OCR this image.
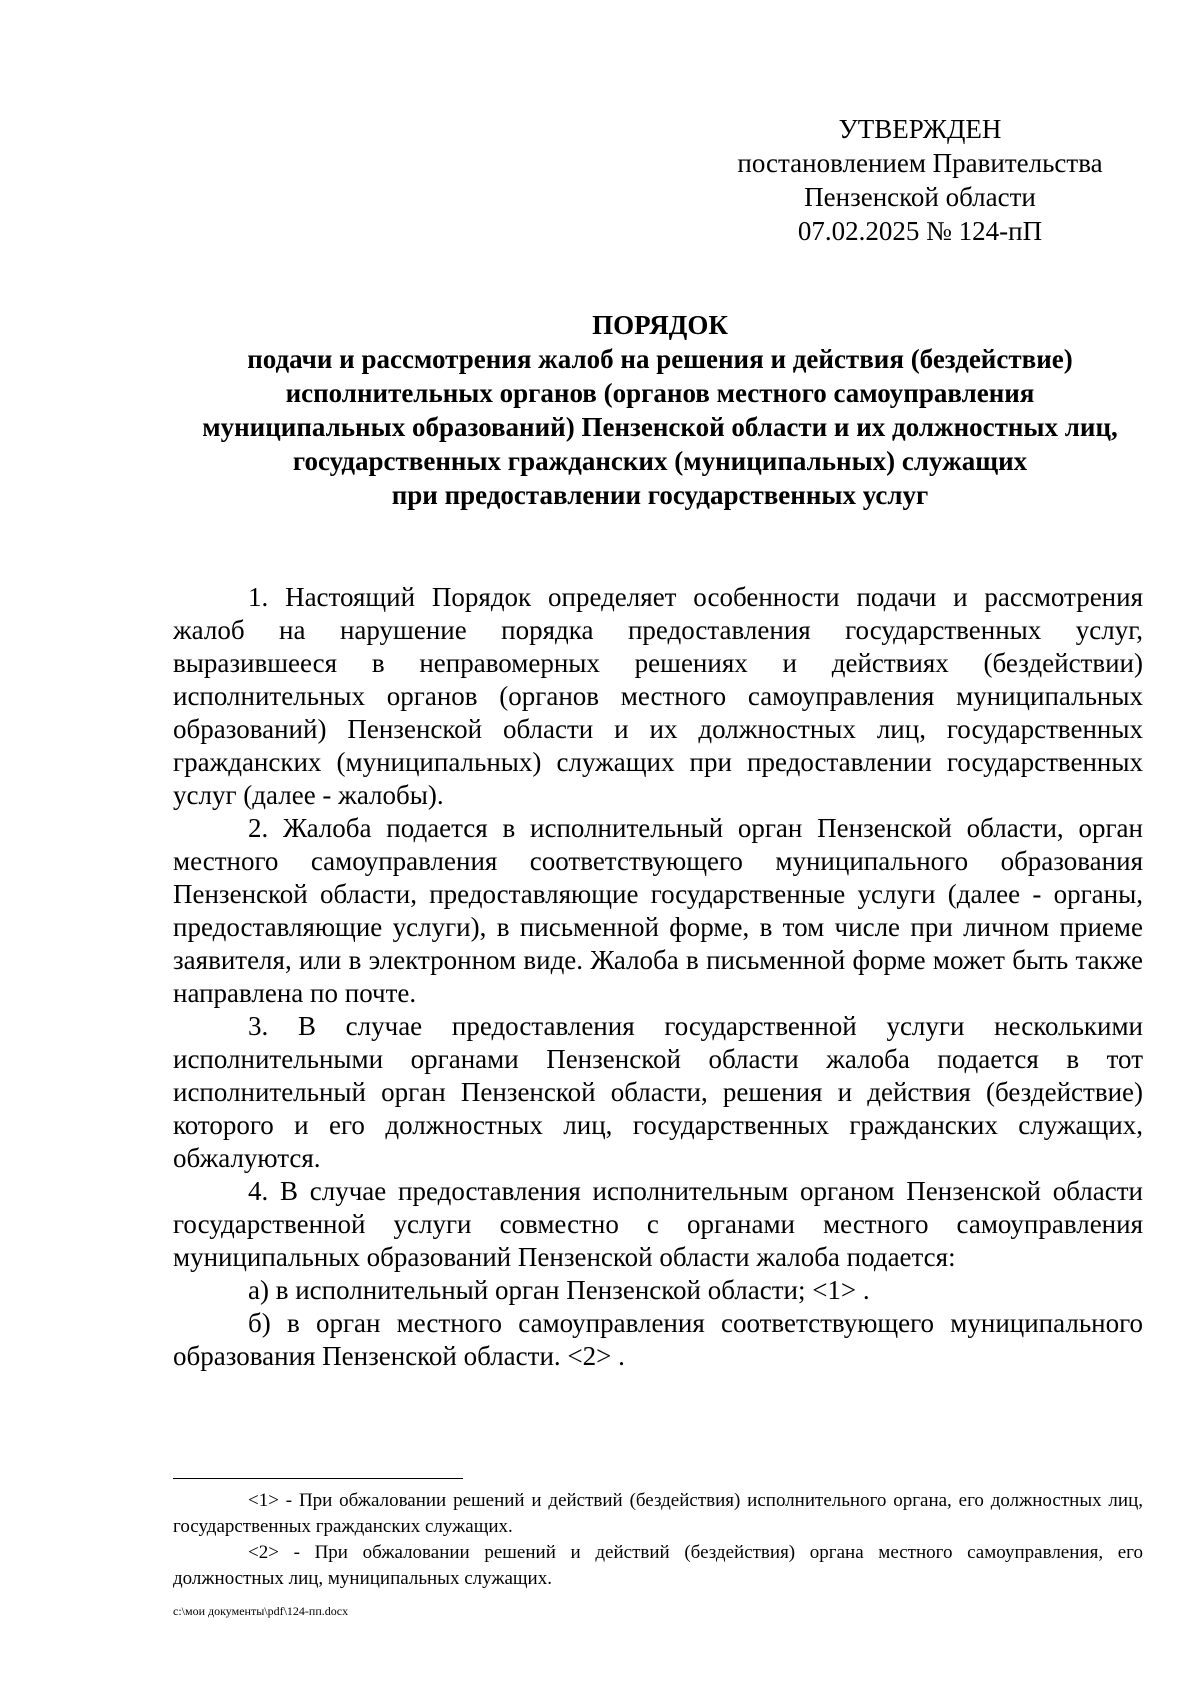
УТВЕРЖДЕН
постановлением Правительства
Пензенской области
07.02.2025 № 124-пП
ПОРЯДОК
подачи и рассмотрения жалоб на решения и действия (бездействие)
исполнительных органов (органов местного самоуправления
муниципальных образований) Пензенской области и их должностных лиц,
государственных гражданских (муниципальных) служащих
при предоставлении государственных услуг

1. Настоящий Порядок определяет особенности подачи и рассмотрения жалоб на нарушение порядка предоставления государственных услуг, выразившееся в неправомерных решениях и действиях (бездействии) исполнительных органов (органов местного самоуправления муниципальных образований) Пензенской области и их должностных лиц, государственных гражданских (муниципальных) служащих при предоставлении государственных услуг (далее - жалобы).

2. Жалоба подается в исполнительный орган Пензенской области, орган местного самоуправления соответствующего муниципального образования Пензенской области, предоставляющие государственные услуги (далее - органы, предоставляющие услуги), в письменной форме, в том числе при личном приеме заявителя, или в электронном виде. Жалоба в письменной форме может быть также направлена по почте.

3. В случае предоставления государственной услуги несколькими исполнительными органами Пензенской области жалоба подается в тот исполнительный орган Пензенской области, решения и действия (бездействие) которого и его должностных лиц, государственных гражданских служащих, обжалуются.

4. В случае предоставления исполнительным органом Пензенской области государственной услуги совместно с органами местного самоуправления муниципальных образований Пензенской области жалоба подается:

а) в исполнительный орган Пензенской области; <1> .

б) в орган местного самоуправления соответствующего муниципального образования Пензенской области. <2> .

<1> - При обжаловании решений и действий (бездействия) исполнительного органа, его должностных лиц, государственных гражданских служащих.

<2> - При обжаловании решений и действий (бездействия) органа местного самоуправления, его должностных лиц, муниципальных служащих.

c:\мои документы\pdf\124-пп.docx
